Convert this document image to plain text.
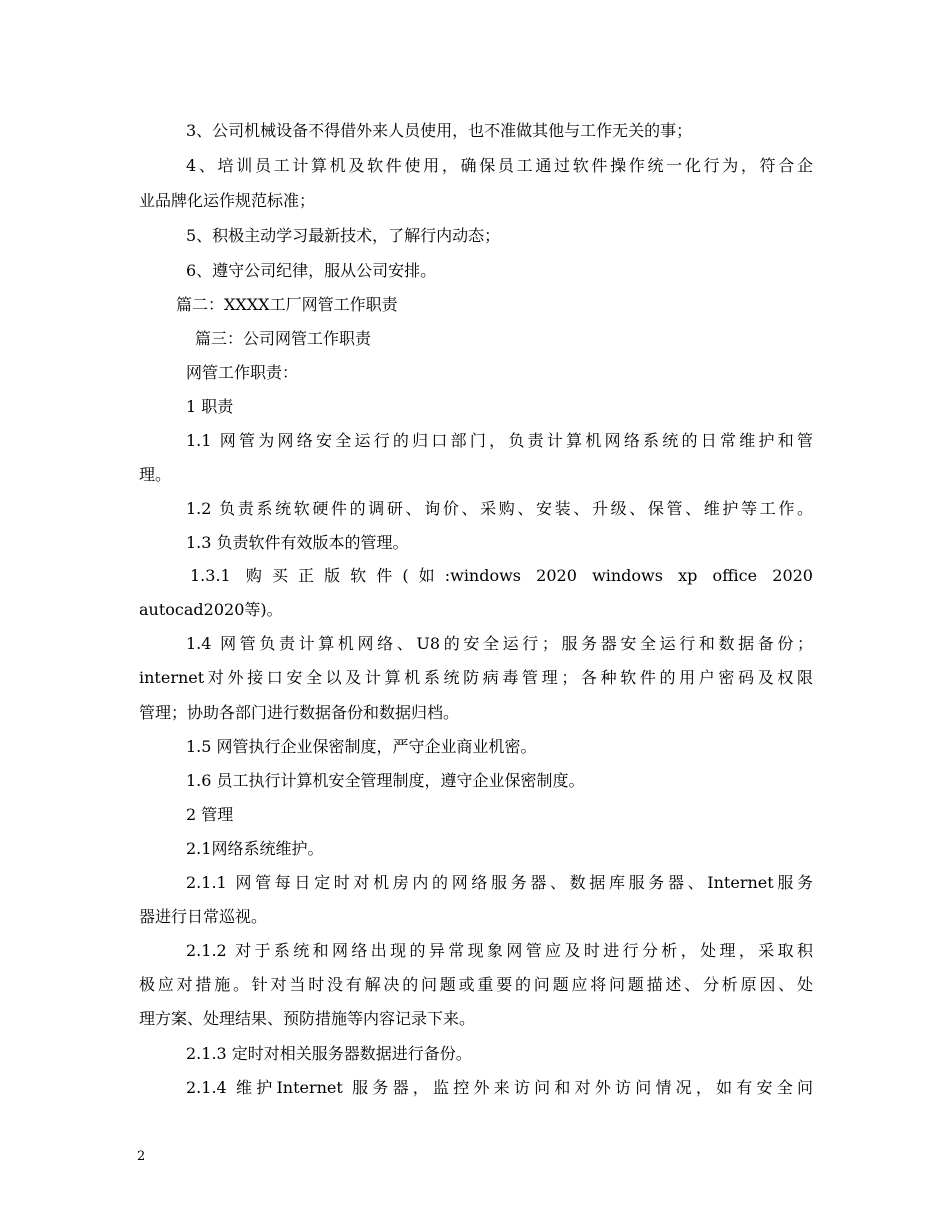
3、公司机械设备不得借外来人员使用，也不准做其他与工作无关的事；
4、培训员工计算机及软件使用，确保员工通过软件操作统一化行为，符合企
业品牌化运作规范标准；
5、积极主动学习最新技术，了解行内动态；
6、遵守公司纪律，服从公司安排。
篇二：XXXX工厂网管工作职责
篇三：公司网管工作职责
网管工作职责：
1 职责
1.1 网管为网络安全运行的归口部门，负责计算机网络系统的日常维护和管
理。
1.2 负责系统软硬件的调研、询价、采购、安装、升级、保管、维护等工作。
1.3 负责软件有效版本的管理。
1.3.1 购买正版软件(如:windows 2020 windows xp office 2020
autocad2020等)。
1.4 网管负责计算机网络、U8的安全运行；服务器安全运行和数据备份；
internet对外接口安全以及计算机系统防病毒管理；各种软件的用户密码及权限
管理；协助各部门进行数据备份和数据归档。
1.5 网管执行企业保密制度，严守企业商业机密。
1.6 员工执行计算机安全管理制度，遵守企业保密制度。
2 管理
2.1网络系统维护。
2.1.1 网管每日定时对机房内的网络服务器、数据库服务器、Internet服务
器进行日常巡视。
2.1.2 对于系统和网络出现的异常现象网管应及时进行分析，处理，采取积
极应对措施。针对当时没有解决的问题或重要的问题应将问题描述、分析原因、处
理方案、处理结果、预防措施等内容记录下来。
2.1.3 定时对相关服务器数据进行备份。
2.1.4 维护Internet 服务器，监控外来访问和对外访问情况，如有安全问
2
